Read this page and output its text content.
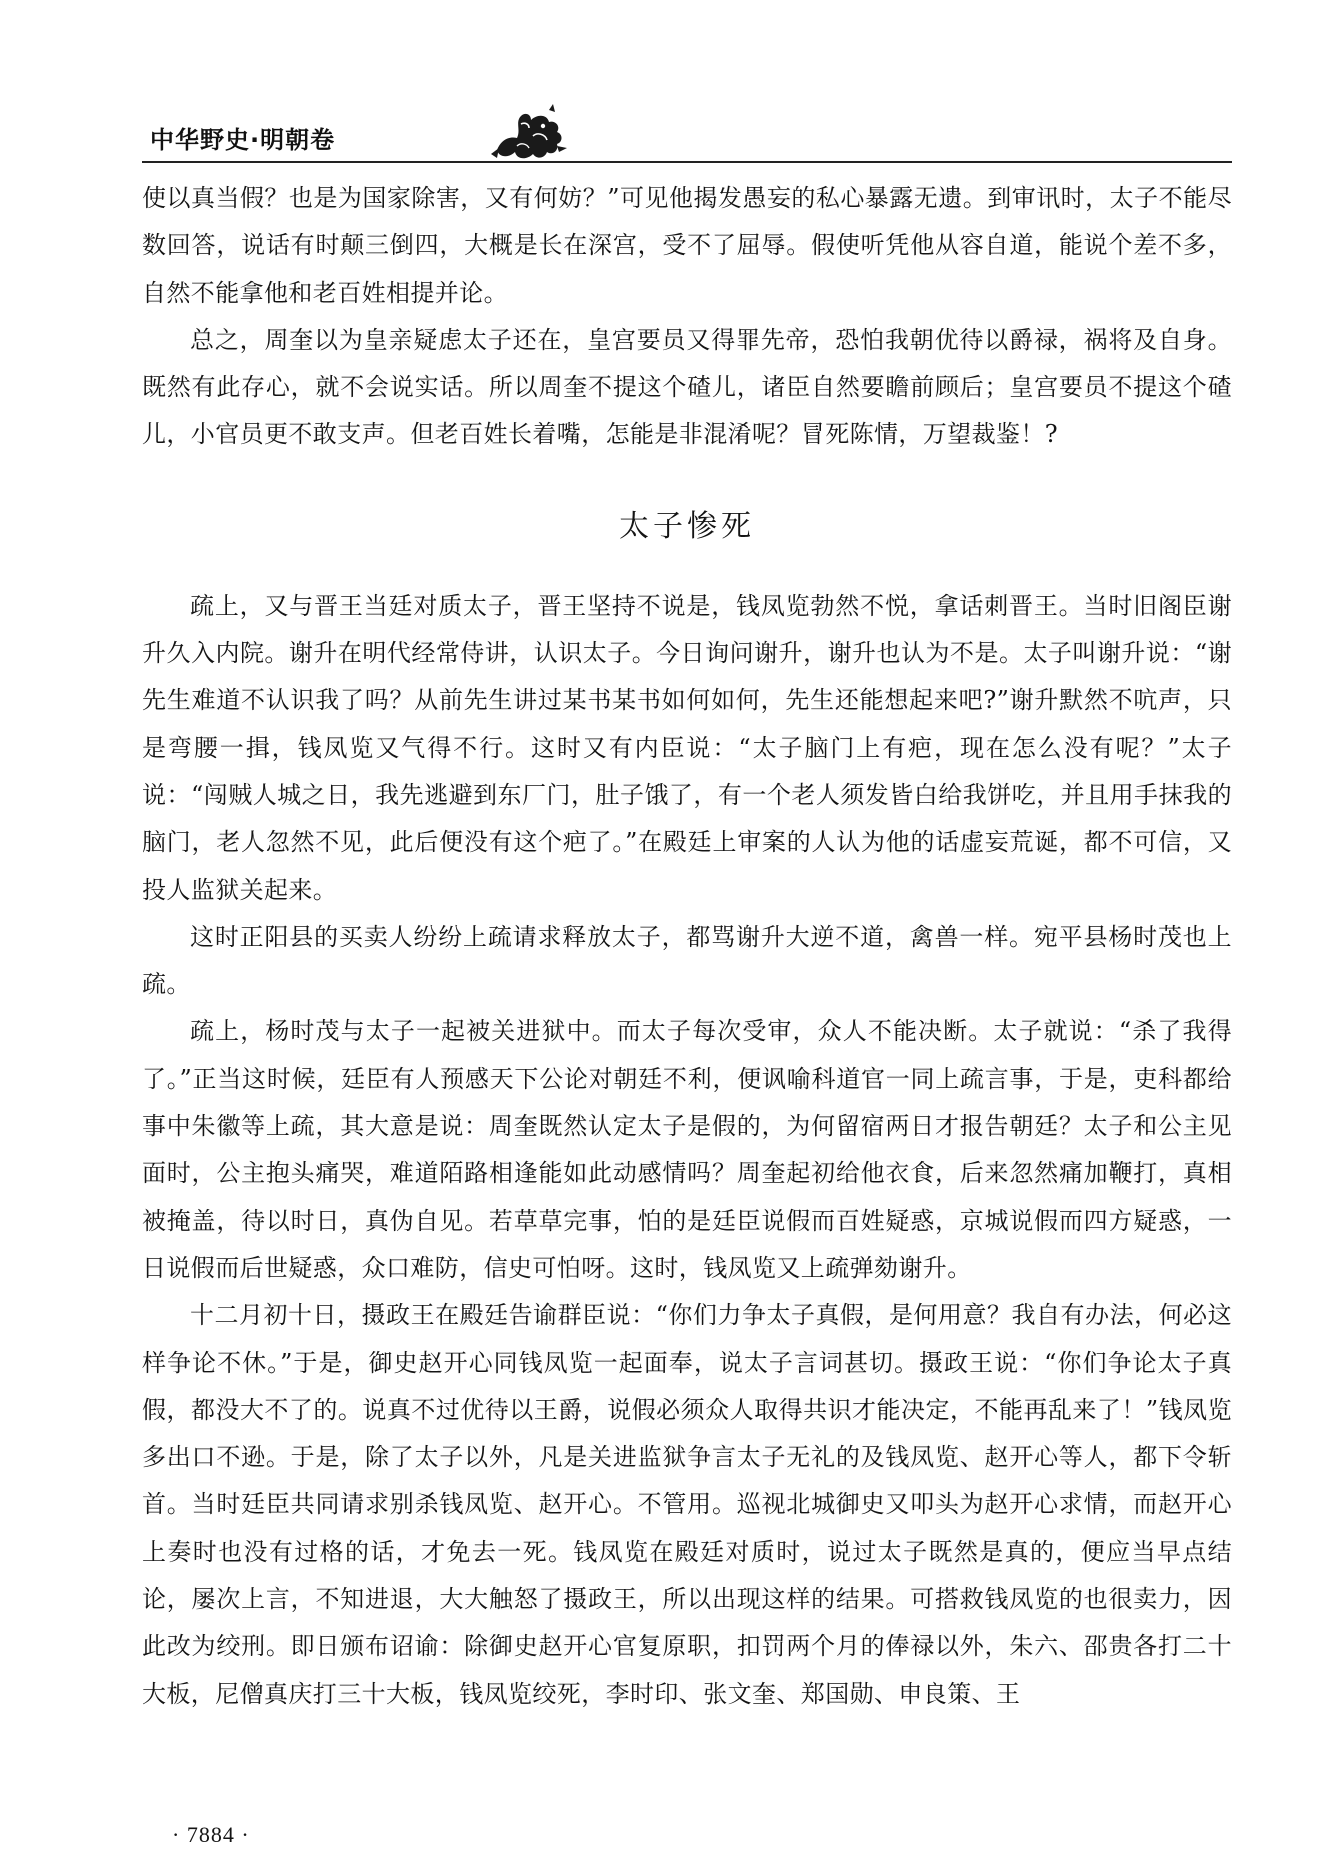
中华野史·明朝卷

使以真当假？也是为国家除害，又有何妨？”可见他揭发愚妄的私心暴露无遗。到审讯时，太子不能尽数回答，说话有时颠三倒四，大概是长在深宫，受不了屈辱。假使听凭他从容自道，能说个差不多，自然不能拿他和老百姓相提并论。

总之，周奎以为皇亲疑虑太子还在，皇宫要员又得罪先帝，恐怕我朝优待以爵禄，祸将及自身。既然有此存心，就不会说实话。所以周奎不提这个碴儿，诸臣自然要瞻前顾后；皇宫要员不提这个碴儿，小官员更不敢支声。但老百姓长着嘴，怎能是非混淆呢？冒死陈情，万望裁鉴！?

太子惨死

疏上，又与晋王当廷对质太子，晋王坚持不说是，钱凤览勃然不悦，拿话刺晋王。当时旧阁臣谢升久入内院。谢升在明代经常侍讲，认识太子。今日询问谢升，谢升也认为不是。太子叫谢升说：“谢先生难道不认识我了吗？从前先生讲过某书某书如何如何，先生还能想起来吧?”谢升默然不吭声，只是弯腰一揖，钱凤览又气得不行。这时又有内臣说：“太子脑门上有疤，现在怎么没有呢？”太子说：“闯贼人城之日，我先逃避到东厂门，肚子饿了，有一个老人须发皆白给我饼吃，并且用手抹我的脑门，老人忽然不见，此后便没有这个疤了。”在殿廷上审案的人认为他的话虚妄荒诞，都不可信，又投人监狱关起来。

这时正阳县的买卖人纷纷上疏请求释放太子，都骂谢升大逆不道，禽兽一样。宛平县杨时茂也上疏。

疏上，杨时茂与太子一起被关进狱中。而太子每次受审，众人不能决断。太子就说：“杀了我得了。”正当这时候，廷臣有人预感天下公论对朝廷不利，便讽喻科道官一同上疏言事，于是，吏科都给事中朱徽等上疏，其大意是说：周奎既然认定太子是假的，为何留宿两日才报告朝廷？太子和公主见面时，公主抱头痛哭，难道陌路相逢能如此动感情吗？周奎起初给他衣食，后来忽然痛加鞭打，真相被掩盖，待以时日，真伪自见。若草草完事，怕的是廷臣说假而百姓疑惑，京城说假而四方疑惑，一日说假而后世疑惑，众口难防，信史可怕呀。这时，钱凤览又上疏弹劾谢升。

十二月初十日，摄政王在殿廷告谕群臣说：“你们力争太子真假，是何用意？我自有办法，何必这样争论不休。”于是，御史赵开心同钱凤览一起面奉，说太子言词甚切。摄政王说：“你们争论太子真假，都没大不了的。说真不过优待以王爵，说假必须众人取得共识才能决定，不能再乱来了！”钱凤览多出口不逊。于是，除了太子以外，凡是关进监狱争言太子无礼的及钱凤览、赵开心等人，都下令斩首。当时廷臣共同请求别杀钱凤览、赵开心。不管用。巡视北城御史又叩头为赵开心求情，而赵开心上奏时也没有过格的话，才免去一死。钱凤览在殿廷对质时，说过太子既然是真的，便应当早点结论，屡次上言，不知进退，大大触怒了摄政王，所以出现这样的结果。可搭救钱凤览的也很卖力，因此改为绞刑。即日颁布诏谕：除御史赵开心官复原职，扣罚两个月的俸禄以外，朱六、邵贵各打二十大板，尼僧真庆打三十大板，钱凤览绞死，李时印、张文奎、郑国勋、申良策、王

· 7884 ·
